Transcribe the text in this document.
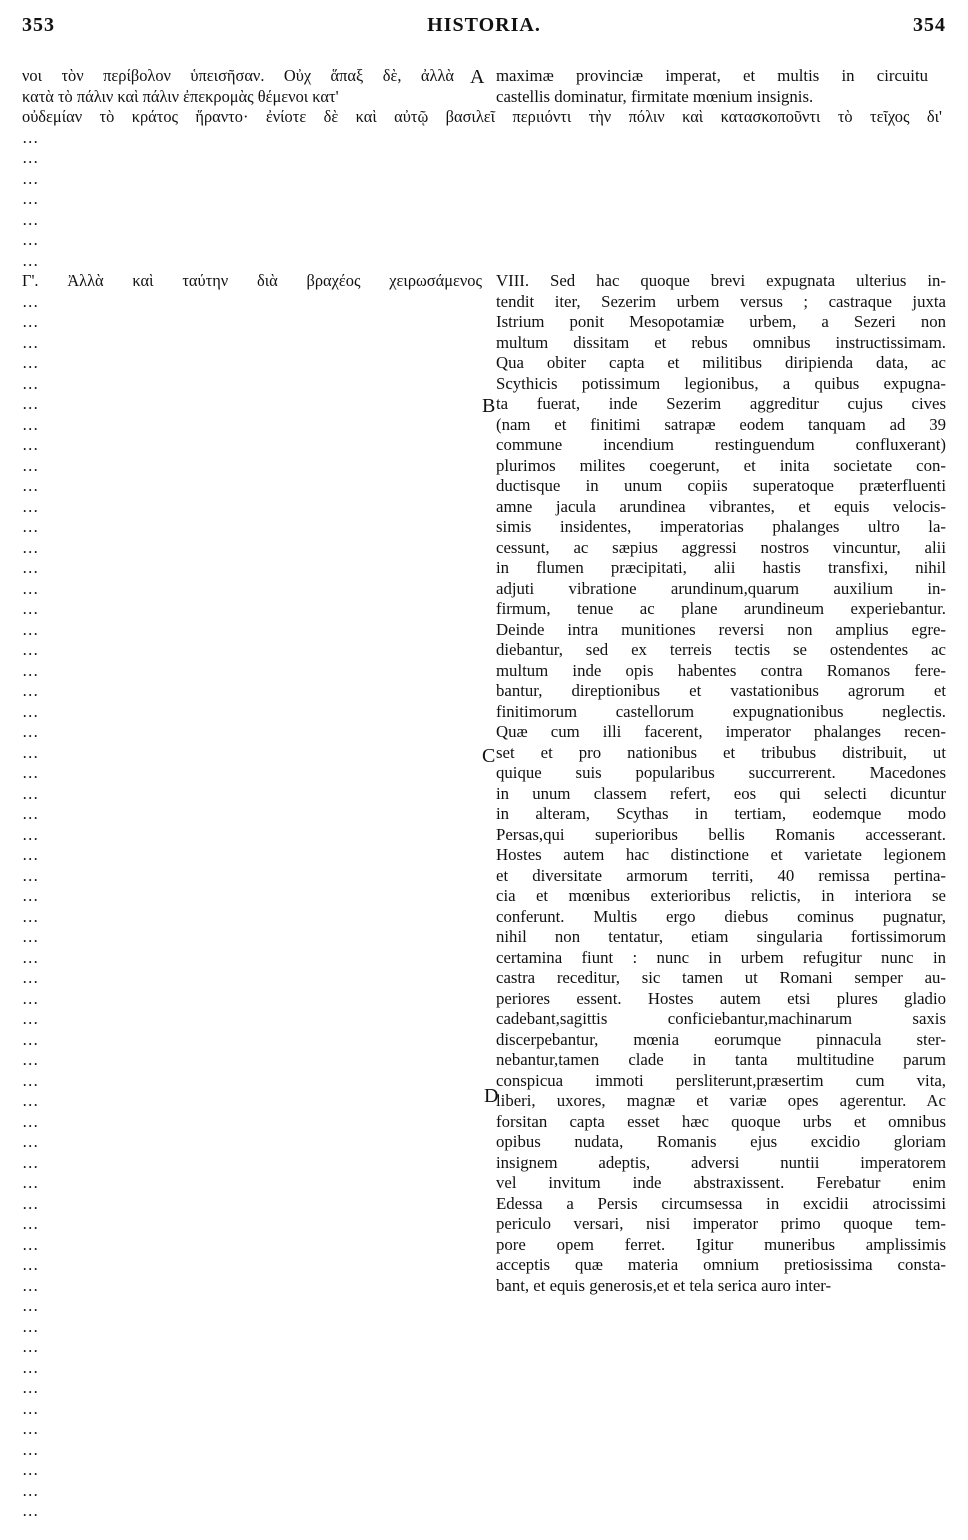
353	HISTORIA.	354
νοι τὸν περίβολον ὑπεισῆσαν. Οὐχ ἅπαξ δὲ, ἀλλὰ
κατὰ τὸ πάλιν καὶ πάλιν ἐπεκρομὰς θέμενοι κατ'
A maximæ provinciæ imperat, et multis in circuitu
castellis dominatur, firmitate mœnium insignis.
οὐδεμίαν τὸ κράτος ἥραντο· ἐνίοτε δὲ καὶ αὐτῷ βασιλεῖ περιιόντι τὴν πόλιν καὶ κατασκοποῦντι τὸ τεῖχος δι'
…
…
…
…
…
…
…
Γ'. Ἀλλὰ καὶ ταύτην διὰ βραχέος χειρωσάμενος
…
…
…
…
…
…
…
…
…
…
…
…
…
…
…
…
…
…
…
…
…
…
…
…
…
…
…
…
…
…
…
…
…
…
…
…
…
…
…
…
…
…
…
…
…
…
…
…
…
…
…
…
…
…
…
…
…
…
…
…
B
C
D
VIII. Sed hac quoque brevi expugnata ulterius in-
tendit iter, Sezerim urbem versus ; castraque juxta
Istrium ponit Mesopotamiæ urbem, a Sezeri non
multum dissitam et rebus omnibus instructissimam.
Qua obiter capta et militibus diripienda data, ac
Scythicis potissimum legionibus, a quibus expugna-
ta fuerat, inde Sezerim aggreditur cujus cives
(nam et finitimi satrapæ eodem tanquam ad 39
commune incendium restinguendum confluxerant)
plurimos milites coegerunt, et inita societate con-
ductisque in unum copiis superatoque præterfluenti
amne jacula arundinea vibrantes, et equis velocis-
simis insidentes, imperatorias phalanges ultro la-
cessunt, ac sæpius aggressi nostros vincuntur, alii
in flumen præcipitati, alii hastis transfixi, nihil
adjuti vibratione arundinum,quarum auxilium in-
firmum, tenue ac plane arundineum experiebantur.
Deinde intra munitiones reversi non amplius egre-
diebantur, sed ex terreis tectis se ostendentes ac
multum inde opis habentes contra Romanos fere-
bantur, direptionibus et vastationibus agrorum et
finitimorum castellorum expugnationibus neglectis.
Quæ cum illi facerent, imperator phalanges recen-
set et pro nationibus et tribubus distribuit, ut
quique suis popularibus succurrerent. Macedones
in unum classem refert, eos qui selecti dicuntur
in alteram, Scythas in tertiam, eodemque modo
Persas,qui superioribus bellis Romanis accesserant.
Hostes autem hac distinctione et varietate legionem
et diversitate armorum territi, 40 remissa pertina-
cia et mœnibus exterioribus relictis, in interiora se
conferunt. Multis ergo diebus cominus pugnatur,
nihil non tentatur, etiam singularia fortissimorum
certamina fiunt : nunc in urbem refugitur nunc in
castra receditur, sic tamen ut Romani semper au-
periores essent. Hostes autem etsi plures gladio
cadebant,sagittis conficiebantur,machinarum saxis
discerpebantur, mœnia eorumque pinnacula ster-
nebantur,tamen clade in tanta multitudine parum
conspicua immoti persliterunt,præsertim cum vita,
liberi, uxores, magnæ et variæ opes agerentur. Ac
forsitan capta esset hæc quoque urbs et omnibus
opibus nudata, Romanis ejus excidio gloriam
insignem adeptis, adversi nuntii imperatorem
vel invitum inde abstraxissent. Ferebatur enim
Edessa a Persis circumsessa in excidii atrocissimi
periculo versari, nisi imperator primo quoque tem-
pore opem ferret. Igitur muneribus amplissimis
acceptis quæ materia omnium pretiosissima consta-
bant, et equis generosis,et et tela serica auro inter-
